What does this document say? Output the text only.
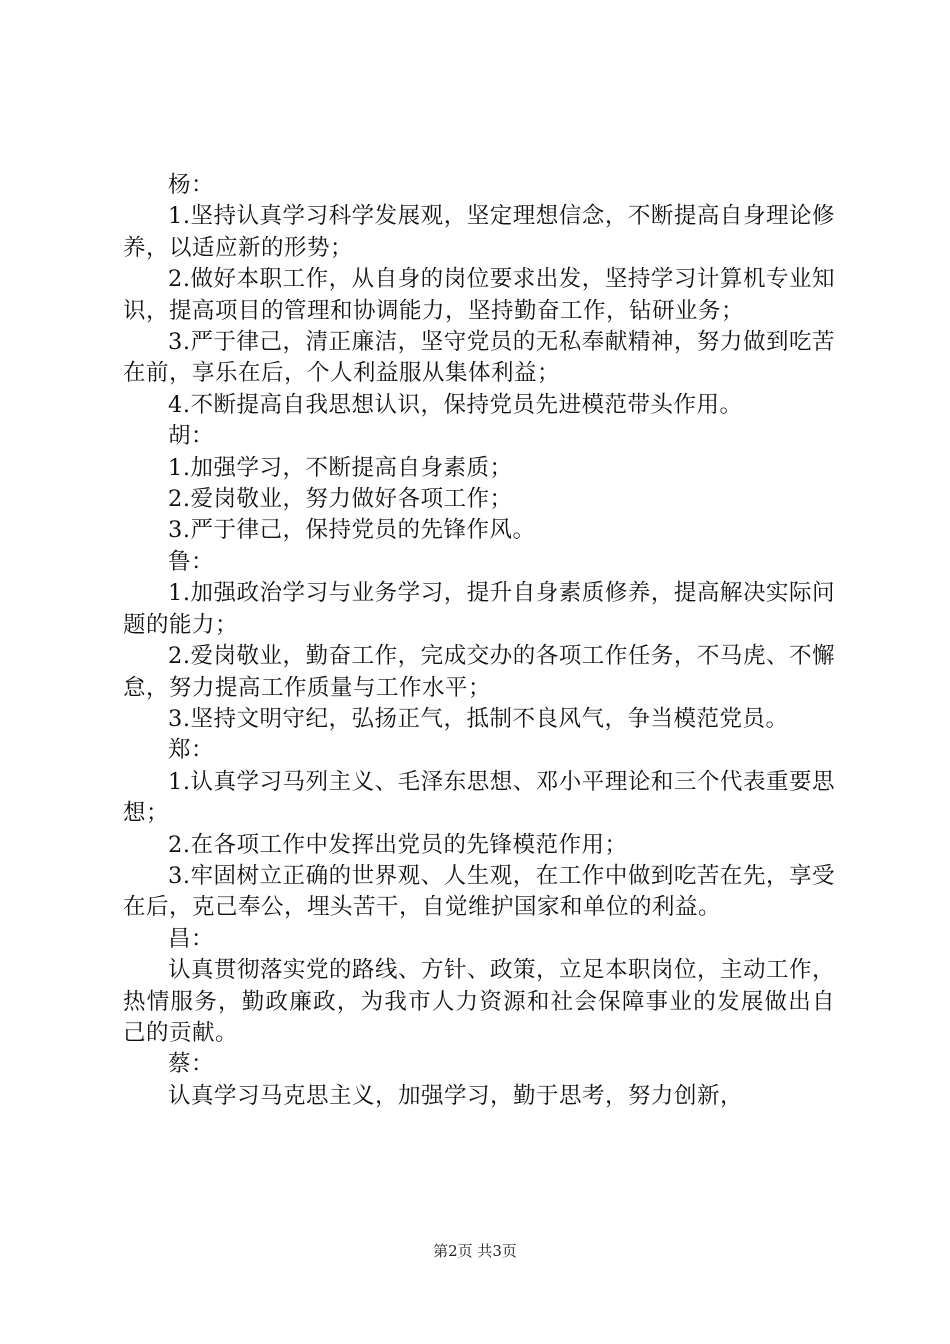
杨：

1.坚持认真学习科学发展观，坚定理想信念，不断提高自身理论修养，以适应新的形势；

2.做好本职工作，从自身的岗位要求出发，坚持学习计算机专业知识，提高项目的管理和协调能力，坚持勤奋工作，钻研业务；

3.严于律己，清正廉洁，坚守党员的无私奉献精神，努力做到吃苦在前，享乐在后，个人利益服从集体利益；

4.不断提高自我思想认识，保持党员先进模范带头作用。

胡：

1.加强学习，不断提高自身素质；

2.爱岗敬业，努力做好各项工作；

3.严于律己，保持党员的先锋作风。

鲁：

1.加强政治学习与业务学习，提升自身素质修养，提高解决实际问题的能力；

2.爱岗敬业，勤奋工作，完成交办的各项工作任务，不马虎、不懈怠，努力提高工作质量与工作水平；

3.坚持文明守纪，弘扬正气，抵制不良风气，争当模范党员。

郑：

1.认真学习马列主义、毛泽东思想、邓小平理论和三个代表重要思想；

2.在各项工作中发挥出党员的先锋模范作用；

3.牢固树立正确的世界观、人生观，在工作中做到吃苦在先，享受在后，克己奉公，埋头苦干，自觉维护国家和单位的利益。

昌：

认真贯彻落实党的路线、方针、政策，立足本职岗位，主动工作，热情服务，勤政廉政，为我市人力资源和社会保障事业的发展做出自己的贡献。

蔡：

认真学习马克思主义，加强学习，勤于思考，努力创新，

第2页 共3页
